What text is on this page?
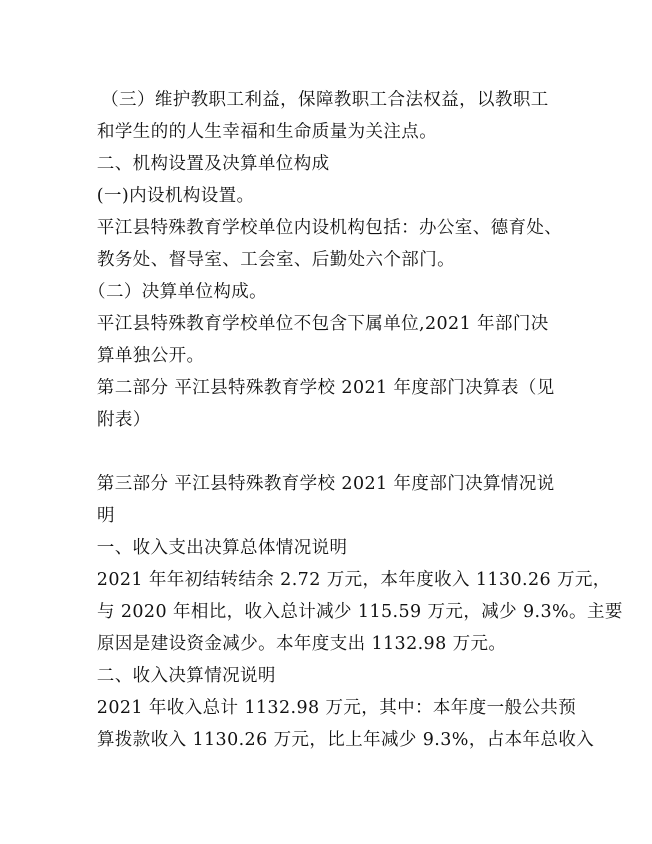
　（三）维护教职工利益，保障教职工合法权益，以教职工
和学生的的人生幸福和生命质量为关注点。
　　二、机构设置及决算单位构成
　　(一)内设机构设置。
　　平江县特殊教育学校单位内设机构包括：办公室、德育处、
教务处、督导室、工会室、后勤处六个部门。
　　（二）决算单位构成。
　　平江县特殊教育学校单位不包含下属单位,2021 年部门决
算单独公开。
　　第二部分 平江县特殊教育学校 2021 年度部门决算表（见
附表）
　　第三部分 平江县特殊教育学校 2021 年度部门决算情况说
明
　　一、收入支出决算总体情况说明
　　2021 年年初结转结余 2.72 万元，本年度收入 1130.26 万元，
与 2020 年相比，收入总计减少 115.59 万元，减少 9.3%。主要
原因是建设资金减少。本年度支出 1132.98 万元。
　　二、收入决算情况说明
　　2021 年收入总计 1132.98 万元，其中：本年度一般公共预
算拨款收入 1130.26 万元，比上年减少 9.3%，占本年总收入
